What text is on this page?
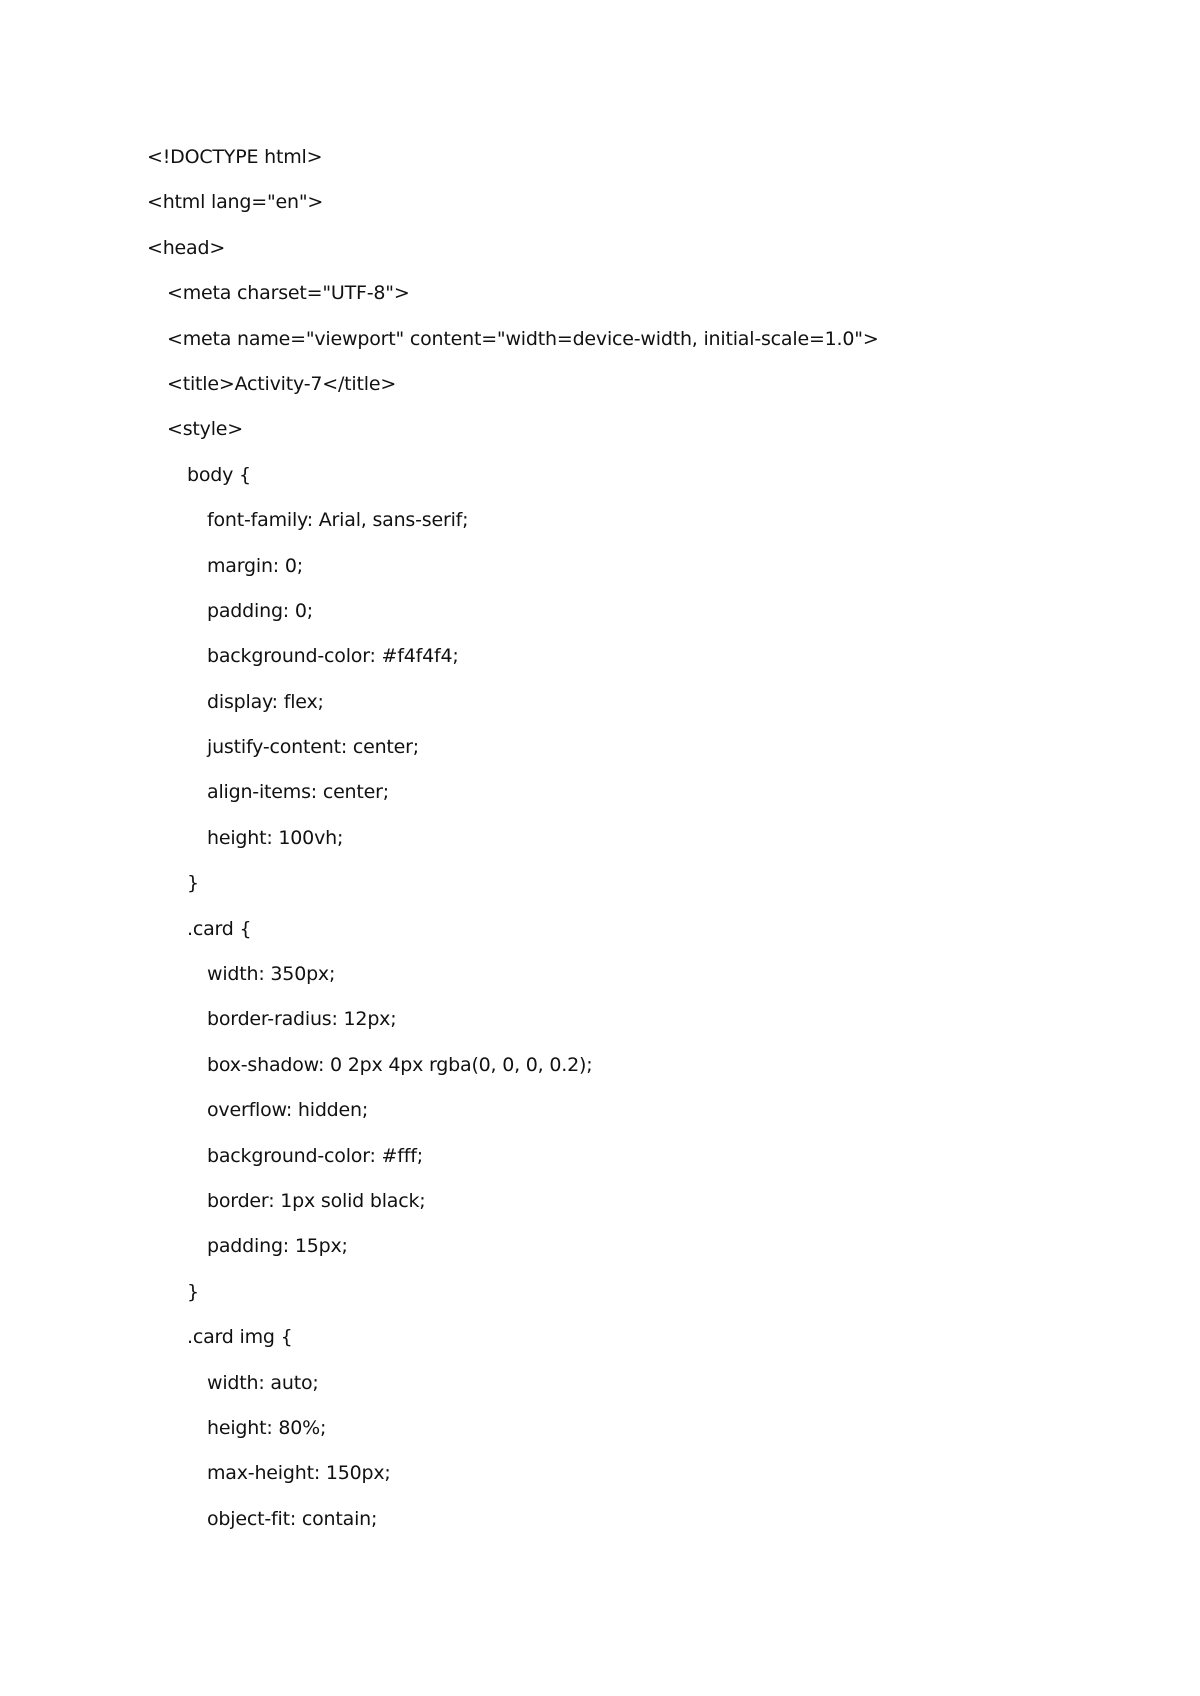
<!DOCTYPE html>
<html lang="en">
<head>
<meta charset="UTF-8">
<meta name="viewport" content="width=device-width, initial-scale=1.0">
<title>Activity-7</title>
<style>
body {
font-family: Arial, sans-serif;
margin: 0;
padding: 0;
background-color: #f4f4f4;
display: flex;
justify-content: center;
align-items: center;
height: 100vh;
}
.card {
width: 350px;
border-radius: 12px;
box-shadow: 0 2px 4px rgba(0, 0, 0, 0.2);
overflow: hidden;
background-color: #fff;
border: 1px solid black;
padding: 15px;
}
.card img {
width: auto;
height: 80%;
max-height: 150px;
object-fit: contain;
